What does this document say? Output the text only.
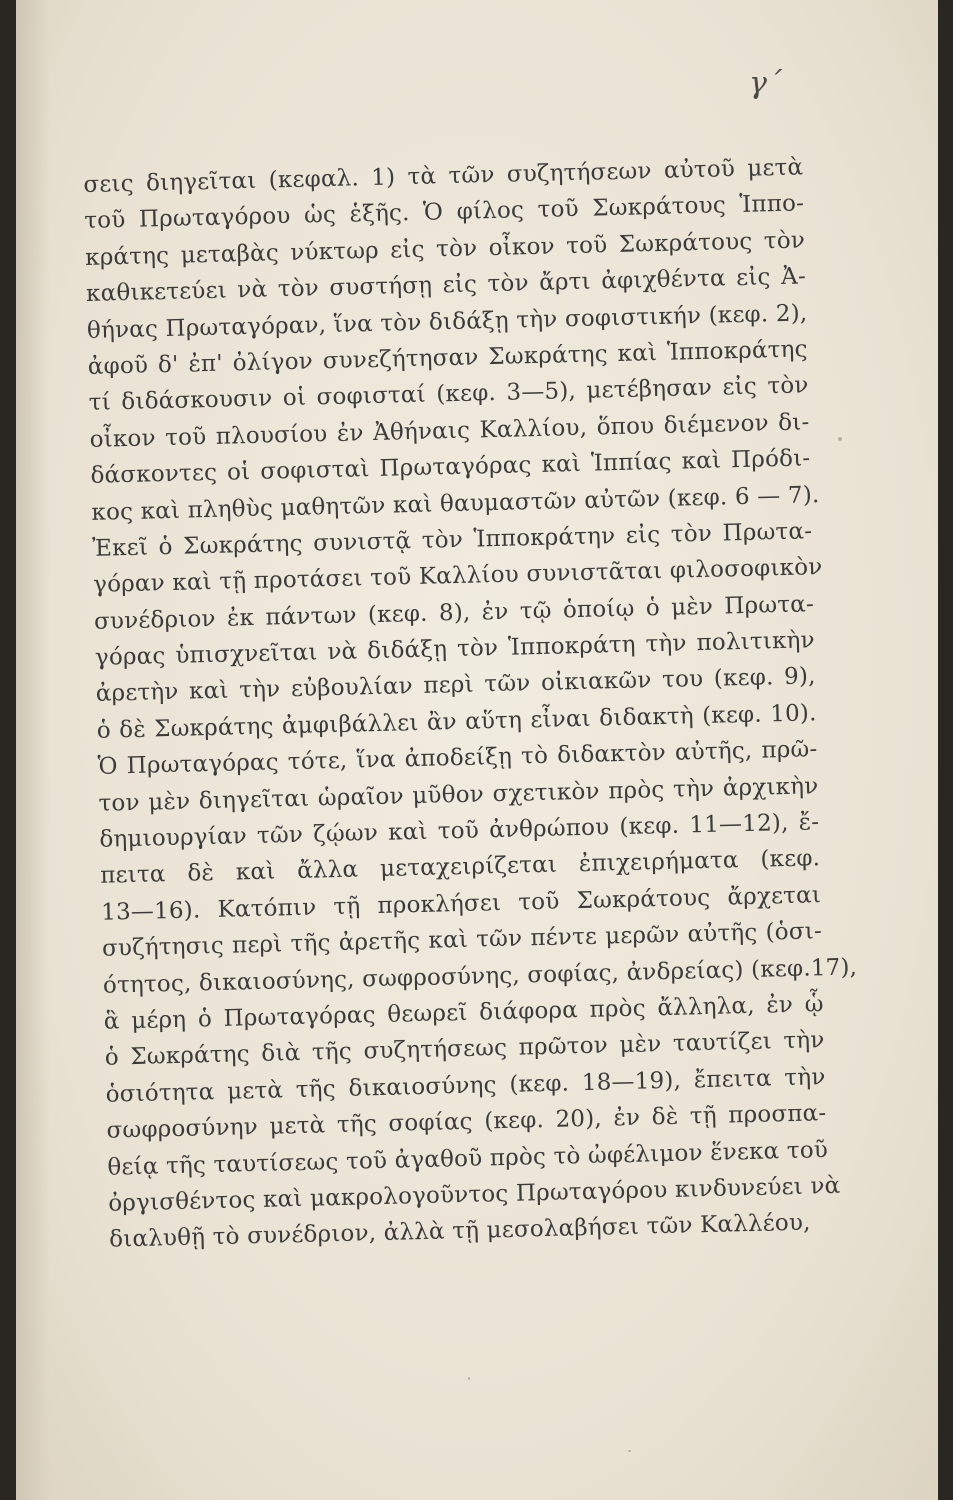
γ΄
σεις διηγεῖται (κεφαλ. 1) τὰ τῶν συζητήσεων αὐτοῦ μετὰ
τοῦ Πρωταγόρου ὡς ἑξῆς. Ὁ φίλος τοῦ Σωκράτους Ἱππο-
κράτης μεταβὰς νύκτωρ εἰς τὸν οἶκον τοῦ Σωκράτους τὸν
καθικετεύει νὰ τὸν συστήσῃ εἰς τὸν ἄρτι ἀφιχθέντα εἰς Ἀ-
θήνας Πρωταγόραν, ἵνα τὸν διδάξῃ τὴν σοφιστικήν (κεφ. 2),
ἀφοῦ δ' ἐπ' ὀλίγον συνεζήτησαν Σωκράτης καὶ Ἱπποκράτης
τί διδάσκουσιν οἱ σοφισταί (κεφ. 3—5), μετέβησαν εἰς τὸν
οἶκον τοῦ πλουσίου ἐν Ἀθήναις Καλλίου, ὅπου διέμενον δι-
δάσκοντες οἱ σοφισταὶ Πρωταγόρας καὶ Ἱππίας καὶ Πρόδι-
κος καὶ πληθὺς μαθητῶν καὶ θαυμαστῶν αὐτῶν (κεφ. 6 — 7).
Ἐκεῖ ὁ Σωκράτης συνιστᾷ τὸν Ἱπποκράτην εἰς τὸν Πρωτα-
γόραν καὶ τῇ προτάσει τοῦ Καλλίου συνιστᾶται φιλοσοφικὸν
συνέδριον ἐκ πάντων (κεφ. 8), ἐν τῷ ὁποίῳ ὁ μὲν Πρωτα-
γόρας ὑπισχνεῖται νὰ διδάξῃ τὸν Ἱπποκράτη τὴν πολιτικὴν
ἀρετὴν καὶ τὴν εὐβουλίαν περὶ τῶν οἰκιακῶν του (κεφ. 9),
ὁ δὲ Σωκράτης ἀμφιβάλλει ἂν αὕτη εἶναι διδακτὴ (κεφ. 10).
Ὁ Πρωταγόρας τότε, ἵνα ἀποδείξῃ τὸ διδακτὸν αὐτῆς, πρῶ-
τον μὲν διηγεῖται ὡραῖον μῦθον σχετικὸν πρὸς τὴν ἀρχικὴν
δημιουργίαν τῶν ζῴων καὶ τοῦ ἀνθρώπου (κεφ. 11—12), ἔ-
πειτα δὲ καὶ ἄλλα μεταχειρίζεται ἐπιχειρήματα (κεφ.
13—16). Κατόπιν τῇ προκλήσει τοῦ Σωκράτους ἄρχεται
συζήτησις περὶ τῆς ἀρετῆς καὶ τῶν πέντε μερῶν αὐτῆς (ὁσι-
ότητος, δικαιοσύνης, σωφροσύνης, σοφίας, ἀνδρείας) (κεφ.17),
ἃ μέρη ὁ Πρωταγόρας θεωρεῖ διάφορα πρὸς ἄλληλα, ἐν ᾧ
ὁ Σωκράτης διὰ τῆς συζητήσεως πρῶτον μὲν ταυτίζει τὴν
ὁσιότητα μετὰ τῆς δικαιοσύνης (κεφ. 18—19), ἔπειτα τὴν
σωφροσύνην μετὰ τῆς σοφίας (κεφ. 20), ἐν δὲ τῇ προσπα-
θείᾳ τῆς ταυτίσεως τοῦ ἀγαθοῦ πρὸς τὸ ὠφέλιμον ἕνεκα τοῦ
ὀργισθέντος καὶ μακρολογοῦντος Πρωταγόρου κινδυνεύει νὰ
διαλυθῇ τὸ συνέδριον, ἀλλὰ τῇ μεσολαβήσει τῶν Καλλέου,
